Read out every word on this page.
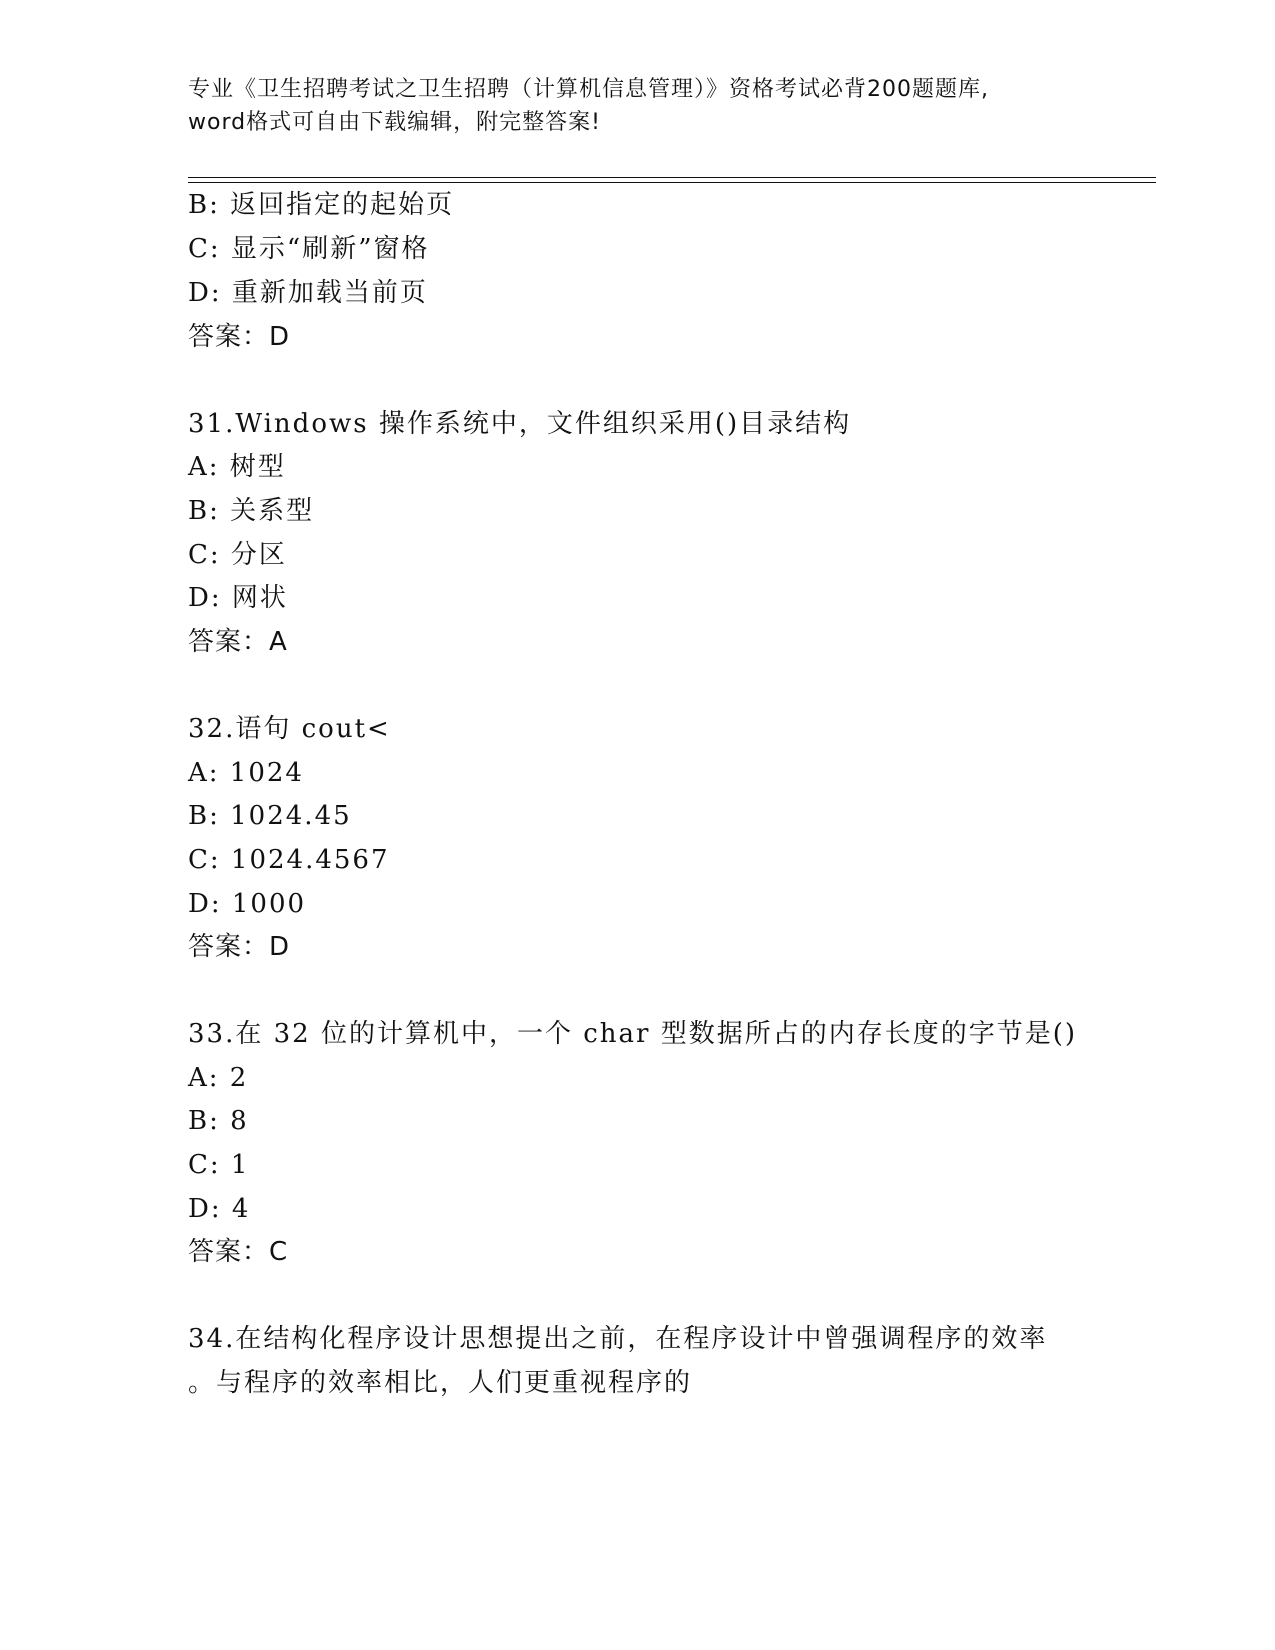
专业《卫生招聘考试之卫生招聘（计算机信息管理）》资格考试必背200题题库,
word格式可自由下载编辑，附完整答案!
B: 返回指定的起始页
C: 显示“刷新”窗格
D: 重新加载当前页
答案：D
31.Windows 操作系统中，文件组织采用()目录结构
A: 树型
B: 关系型
C: 分区
D: 网状
答案：A
32.语句 cout<
A: 1024
B: 1024.45
C: 1024.4567
D: 1000
答案：D
33.在 32 位的计算机中，一个 char 型数据所占的内存长度的字节是()
A: 2
B: 8
C: 1
D: 4
答案：C
34.在结构化程序设计思想提出之前，在程序设计中曾强调程序的效率
。与程序的效率相比，人们更重视程序的
